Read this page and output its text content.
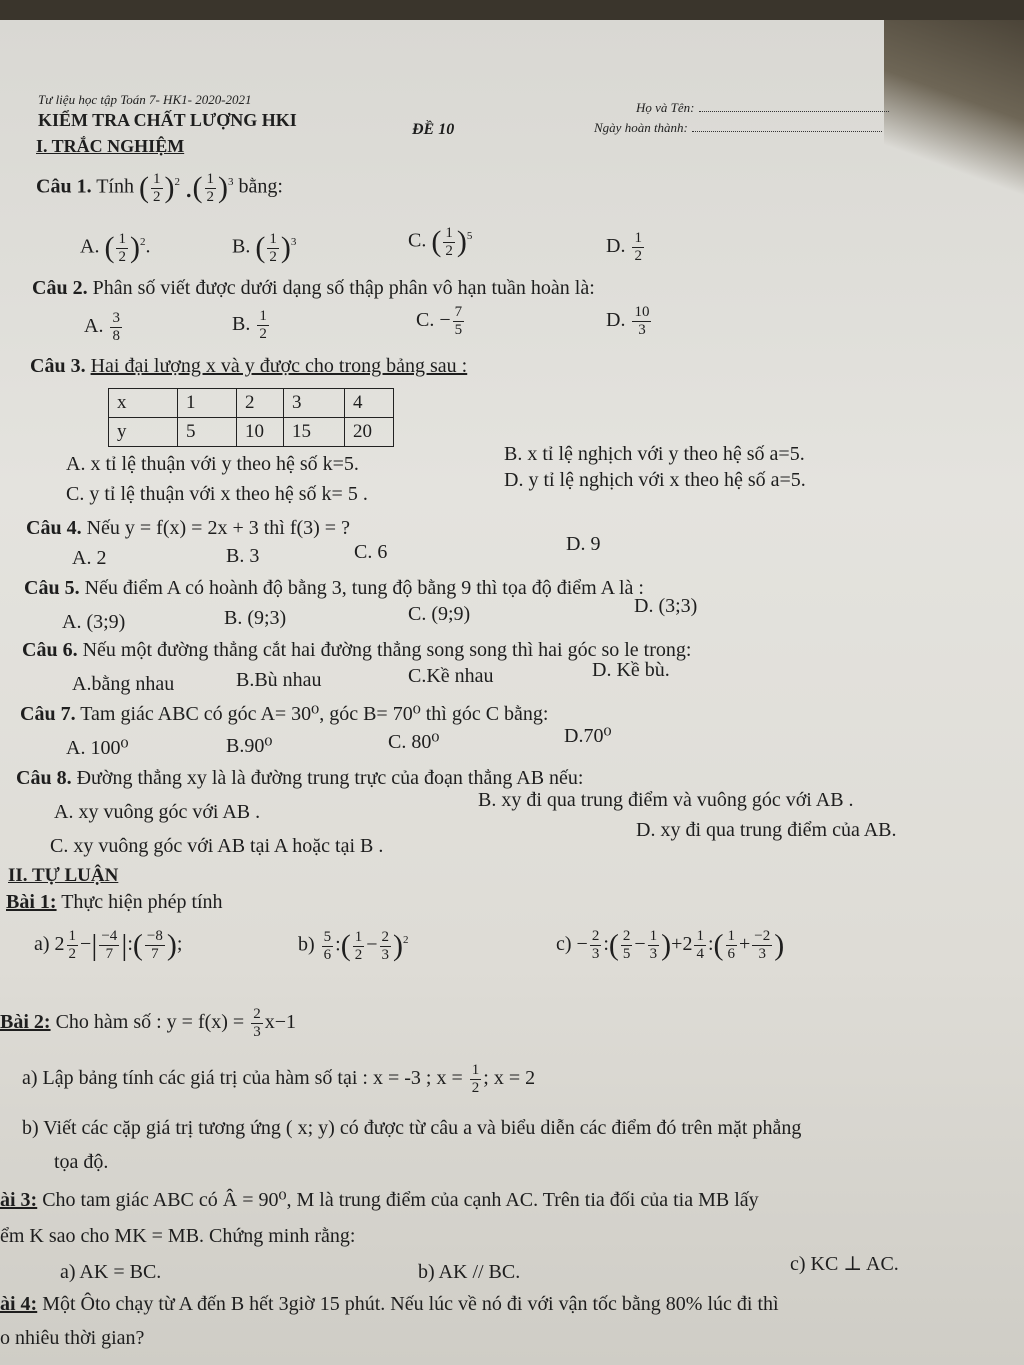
Tư liệu học tập Toán 7- HK1- 2020-2021
KIỂM TRA CHẤT LƯỢNG HKI	ĐỀ 10
Họ và Tên:
Ngày hoàn thành:
I. TRẮC NGHIỆM
Câu 1. Tính ( $\frac{1}{2} )^2$ .( $\frac{1}{2} )^3$ bằng:
A. ( $\frac{1}{2} )^2$.	B. ( $\frac{1}{2} )^3$	C. ( $\frac{1}{2} )^5$	D. $\frac{1}{2}$
Câu 2. Phân số viết được dưới dạng số thập phân vô hạn tuần hoàn là:
A. $\frac{3}{8}$	B. $\frac{1}{2}$	C. − $\frac{7}{5}$	D. $\frac{10}{3}$
Câu 3. Hai đại lượng x và y được cho trong bảng sau :
x	1	2	3	4
y	5	10	15	20
A. x tỉ lệ thuận với y theo hệ số k=5.	B. x tỉ lệ nghịch với y theo hệ số a=5.
C. y tỉ lệ thuận với x theo hệ số k= 5 .
D. y tỉ lệ nghịch với x theo hệ số a=5.
Câu 4. Nếu y = f(x) = 2x + 3 thì f(3) = ?
A. 2	B. 3	C. 6	D. 9
Câu 5. Nếu điểm A có hoành độ bằng 3, tung độ bằng 9 thì tọa độ điểm A là :
A. (3;9)	B. (9;3)	C. (9;9)	D. (3;3)
Câu 6. Nếu một đường thẳng cắt hai đường thẳng song song thì hai góc so le trong:
A.bằng nhau	B.Bù nhau	C.Kề nhau	D. Kề bù.
Câu 7. Tam giác ABC có góc A= 30⁰, góc B= 70⁰ thì góc C bằng:
A. 100⁰	B.90⁰	C. 80⁰	D.70⁰
Câu 8. Đường thẳng xy là là đường trung trực của đoạn thẳng AB nếu:
A. xy vuông góc với AB .
B. xy đi qua trung điểm và vuông góc với AB .
C. xy vuông góc với AB tại A hoặc tại B .
D. xy đi qua trung điểm của AB.
II. TỰ LUẬN
Bài 1: Thực hiện phép tính
a) $2 \frac{1}{2}$ −| $\frac{-4}{7}$ |:( $\frac{-8}{7}$ );	$b) \frac{5}{6}$ :( $\frac{1}{2} - \frac{2}{3} )^2$	$c) - \frac{2}{3}$ :( $\frac{2}{5} - \frac{1}{3} )+2 \frac{1}{4}$ :( $\frac{1}{6} + \frac{-2}{3}$ )
Bài 2: Cho hàm số : $y = f(x) = \frac{2}{3} x-1$
a) Lập bảng tính các giá trị của hàm số tại : x = -3 ; $x = \frac{1}{2}$ ; x = 2
b) Viết các cặp giá trị tương ứng ( x; y) có được từ câu a và biểu diễn các điểm đó trên mặt phẳng
tọa độ.
ài 3: Cho tam giác ABC có Â = 90⁰, M là trung điểm của cạnh AC. Trên tia đối của tia MB lấy
ểm K sao cho MK = MB. Chứng minh rằng:
a) AK = BC.	b) AK // BC.	c) KC ⊥ AC.
ài 4: Một Ôto chạy từ A đến B hết 3giờ 15 phút. Nếu lúc về nó đi với vận tốc bằng 80% lúc đi thì
o nhiêu thời gian?
